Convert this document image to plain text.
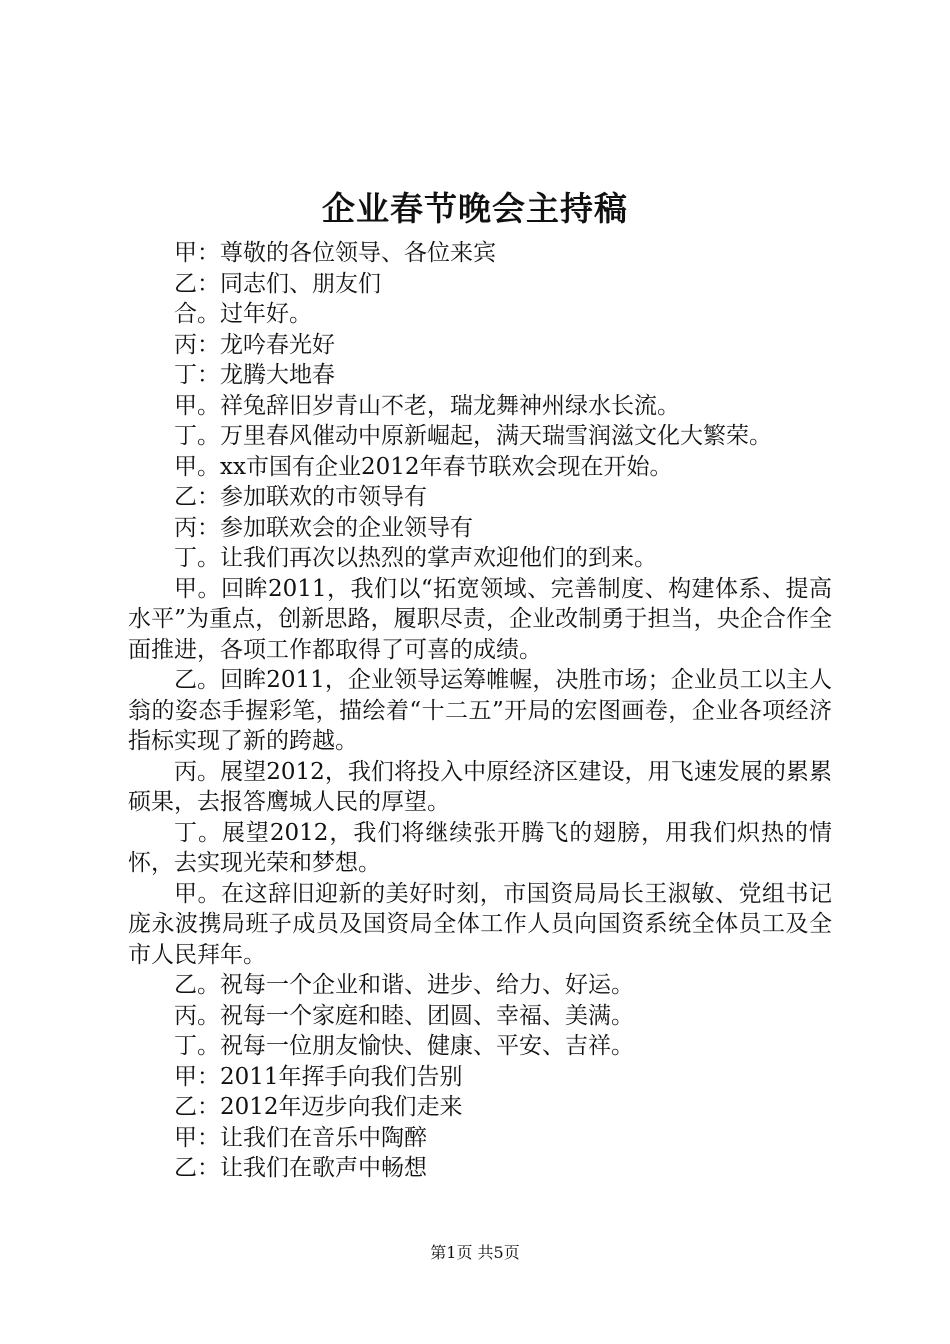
企业春节晚会主持稿

甲：尊敬的各位领导、各位来宾

乙：同志们、朋友们

合。过年好。

丙：龙吟春光好

丁：龙腾大地春

甲。祥兔辞旧岁青山不老，瑞龙舞神州绿水长流。

丁。万里春风催动中原新崛起，满天瑞雪润滋文化大繁荣。

甲。xx市国有企业2012年春节联欢会现在开始。

乙：参加联欢的市领导有

丙：参加联欢会的企业领导有

丁。让我们再次以热烈的掌声欢迎他们的到来。

甲。回眸2011，我们以“拓宽领域、完善制度、构建体系、提高水平”为重点，创新思路，履职尽责，企业改制勇于担当，央企合作全面推进，各项工作都取得了可喜的成绩。

乙。回眸2011，企业领导运筹帷幄，决胜市场；企业员工以主人翁的姿态手握彩笔，描绘着“十二五”开局的宏图画卷，企业各项经济指标实现了新的跨越。

丙。展望2012，我们将投入中原经济区建设，用飞速发展的累累硕果，去报答鹰城人民的厚望。

丁。展望2012，我们将继续张开腾飞的翅膀，用我们炽热的情怀，去实现光荣和梦想。

甲。在这辞旧迎新的美好时刻，市国资局局长王淑敏、党组书记庞永波携局班子成员及国资局全体工作人员向国资系统全体员工及全市人民拜年。

乙。祝每一个企业和谐、进步、给力、好运。

丙。祝每一个家庭和睦、团圆、幸福、美满。

丁。祝每一位朋友愉快、健康、平安、吉祥。

甲：2011年挥手向我们告别

乙：2012年迈步向我们走来

甲：让我们在音乐中陶醉

乙：让我们在歌声中畅想

第1页 共5页
